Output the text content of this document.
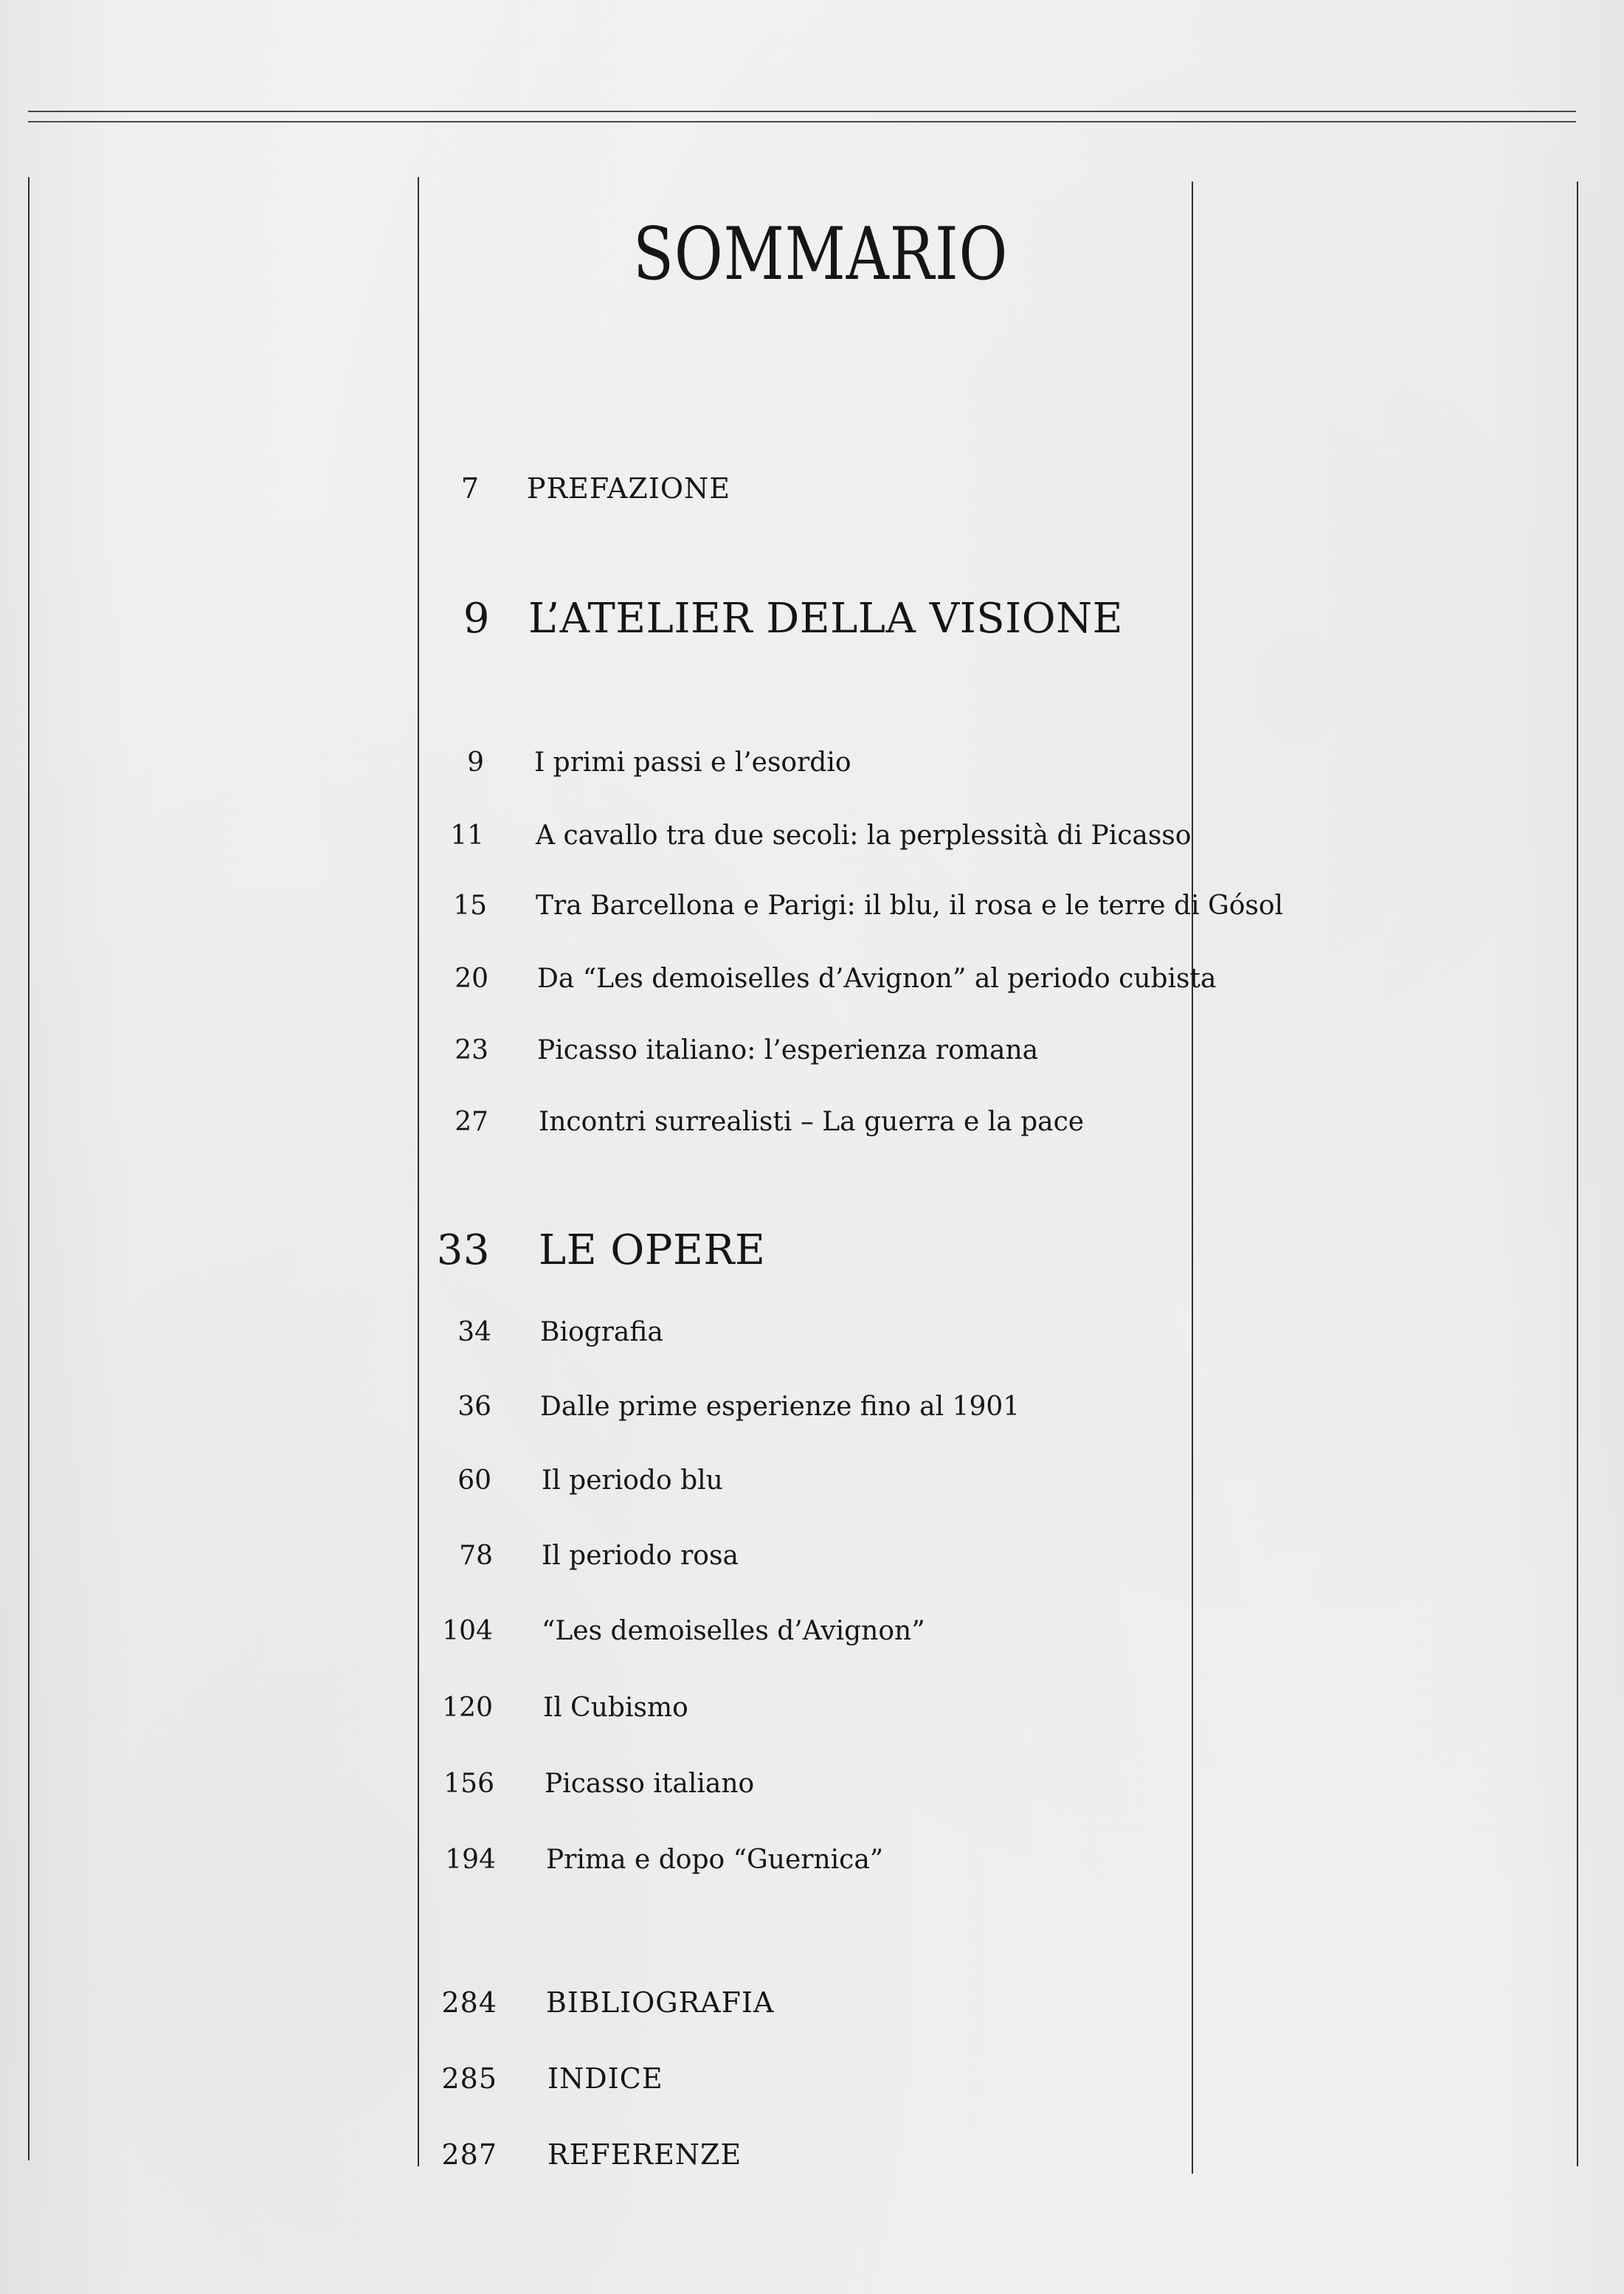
SOMMARIO
7 PREFAZIONE
9 L’ATELIER DELLA VISIONE
9 I primi passi e l’esordio
11 A cavallo tra due secoli: la perplessità di Picasso
15 Tra Barcellona e Parigi: il blu, il rosa e le terre di Gósol
20 Da “Les demoiselles d’Avignon” al periodo cubista
23 Picasso italiano: l’esperienza romana
27 Incontri surrealisti – La guerra e la pace
33 LE OPERE
34 Biografia
36 Dalle prime esperienze fino al 1901
60 Il periodo blu
78 Il periodo rosa
104 “Les demoiselles d’Avignon”
120 Il Cubismo
156 Picasso italiano
194 Prima e dopo “Guernica”
284 BIBLIOGRAFIA
285 INDICE
287 REFERENZE
